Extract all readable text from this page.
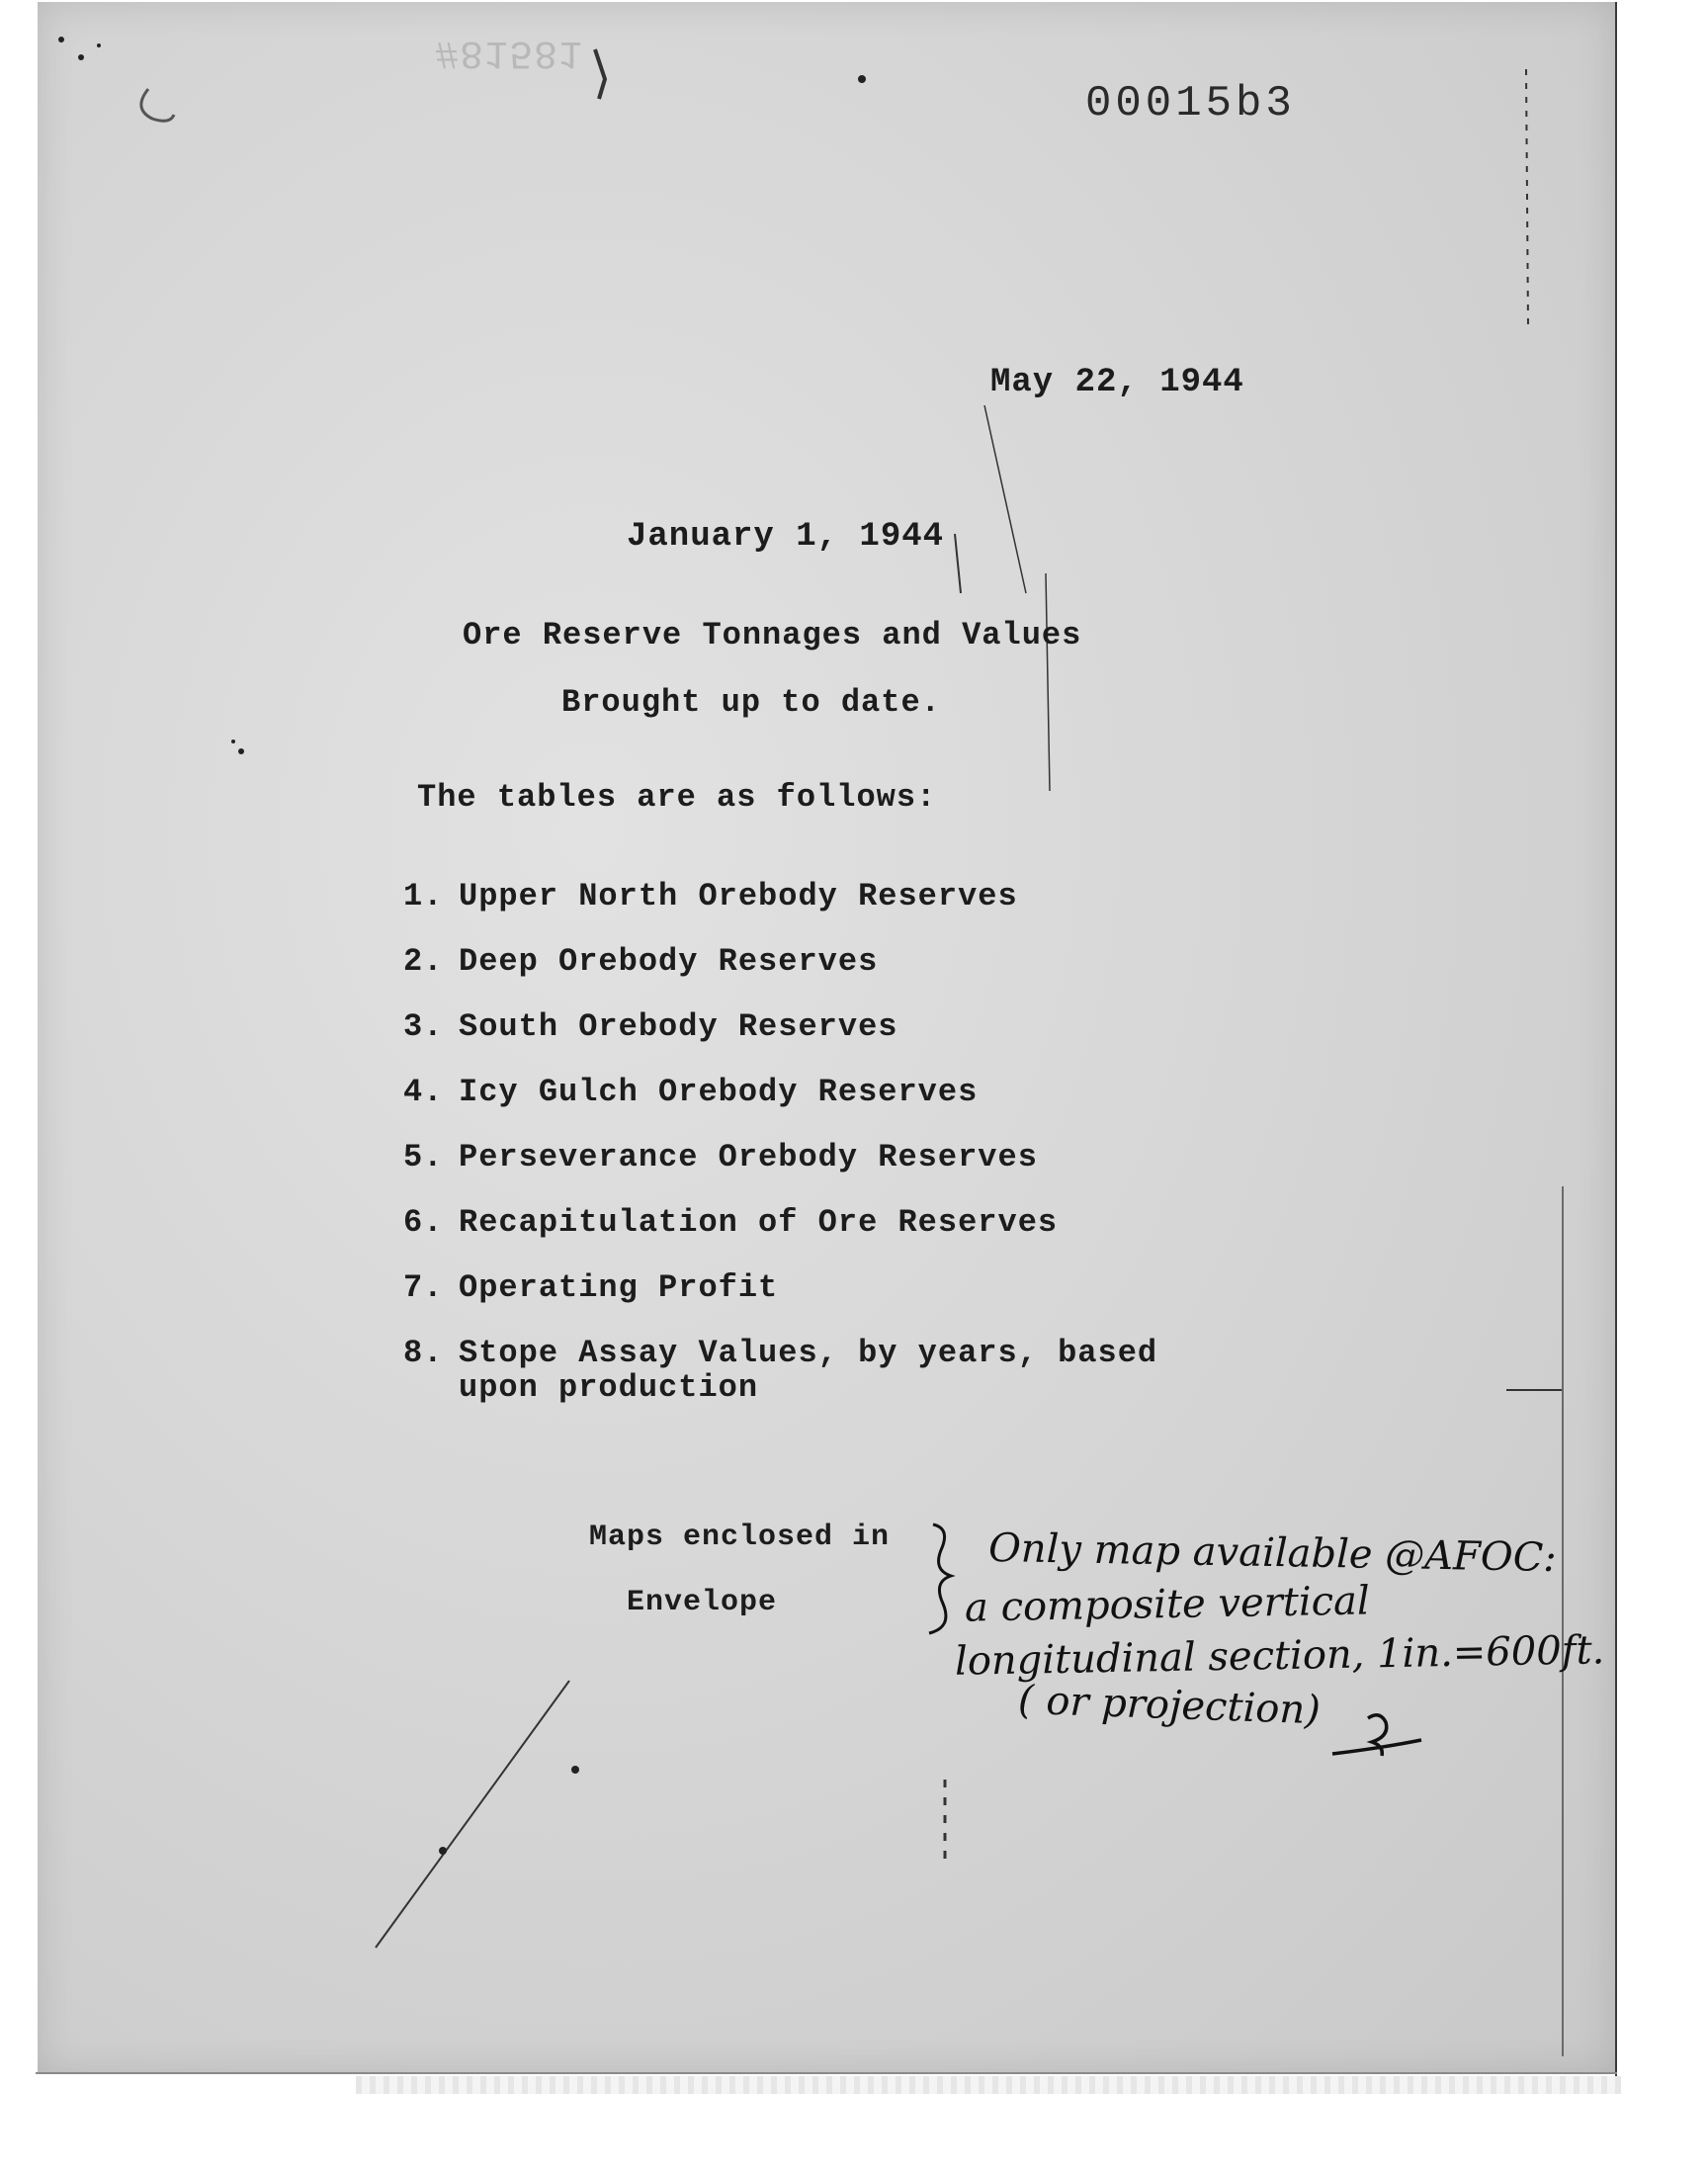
#81581
00015b3
May 22, 1944
January 1, 1944
Ore Reserve Tonnages and Values
Brought up to date.
The tables are as follows:
1. Upper North Orebody Reserves
2. Deep Orebody Reserves
3. South Orebody Reserves
4. Icy Gulch Orebody Reserves
5. Perseverance Orebody Reserves
6. Recapitulation of Ore Reserves
7. Operating Profit
8. Stope Assay Values, by years, based
upon production
Maps enclosed in
Envelope
Only map available @AFOC:
a composite vertical
longitudinal section, 1in.=600ft.
( or projection)
